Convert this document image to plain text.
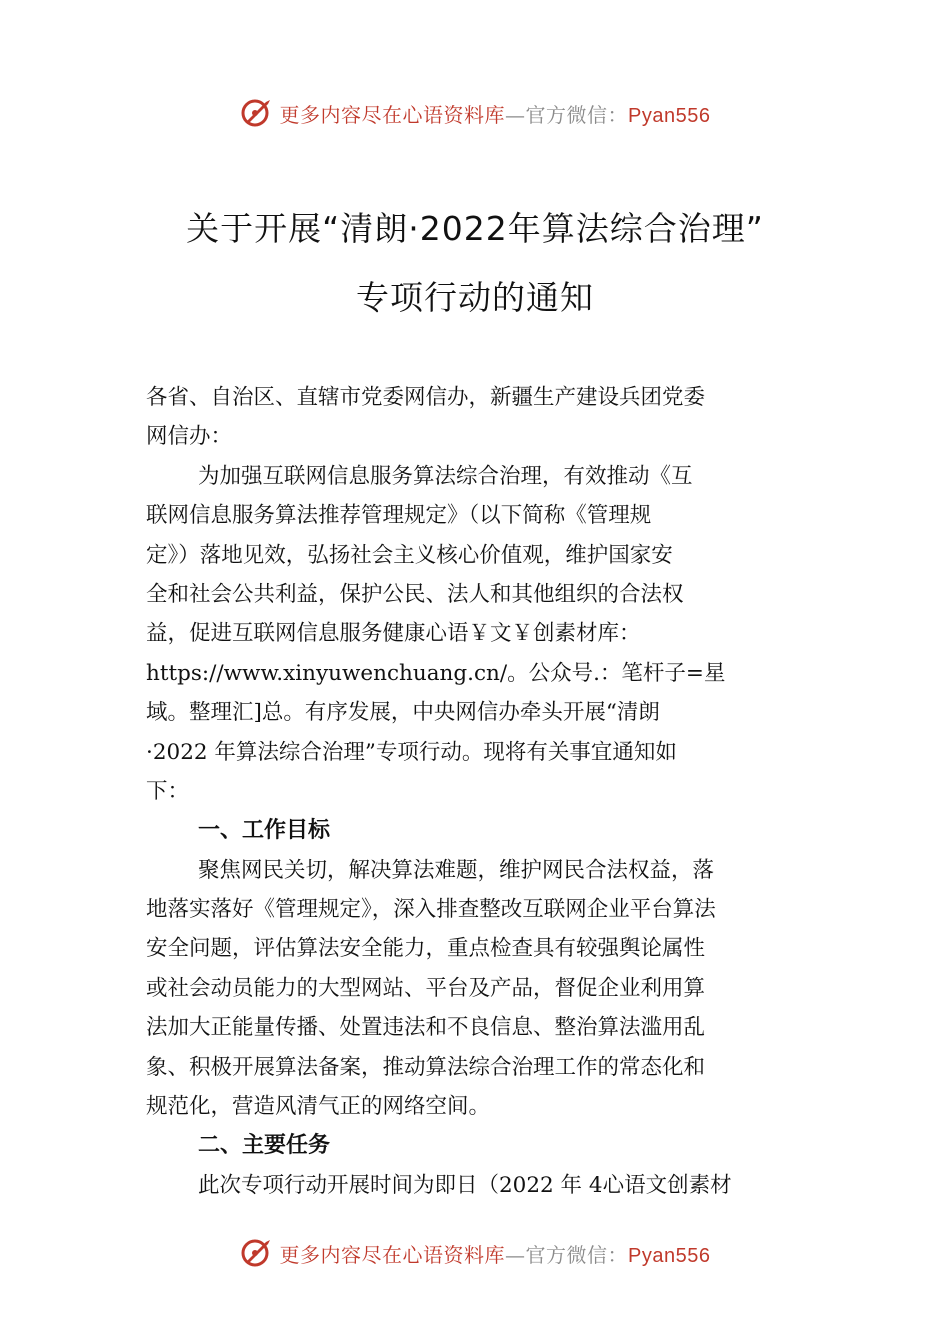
更多内容尽在心语资料库—官方微信：Pyan556
关于开展“清朗·2022年算法综合治理”
专项行动的通知
各省、自治区、直辖市党委网信办，新疆生产建设兵团党委
网信办：
为加强互联网信息服务算法综合治理，有效推动《互
联网信息服务算法推荐管理规定》（以下简称《管理规
定》）落地见效，弘扬社会主义核心价值观，维护国家安
全和社会公共利益，保护公民、法人和其他组织的合法权
益，促进互联网信息服务健康心语￥文￥创素材库：
https://www.xinyuwenchuang.cn/。公众号.：笔杆子=星
域。整理汇]总。有序发展，中央网信办牵头开展“清朗
·2022 年算法综合治理”专项行动。现将有关事宜通知如
下：
一、工作目标
聚焦网民关切，解决算法难题，维护网民合法权益，落
地落实落好《管理规定》，深入排查整改互联网企业平台算法
安全问题，评估算法安全能力，重点检查具有较强舆论属性
或社会动员能力的大型网站、平台及产品，督促企业利用算
法加大正能量传播、处置违法和不良信息、整治算法滥用乱
象、积极开展算法备案，推动算法综合治理工作的常态化和
规范化，营造风清气正的网络空间。
二、主要任务
此次专项行动开展时间为即日（2022 年 4心语文创素材
更多内容尽在心语资料库—官方微信：Pyan556
